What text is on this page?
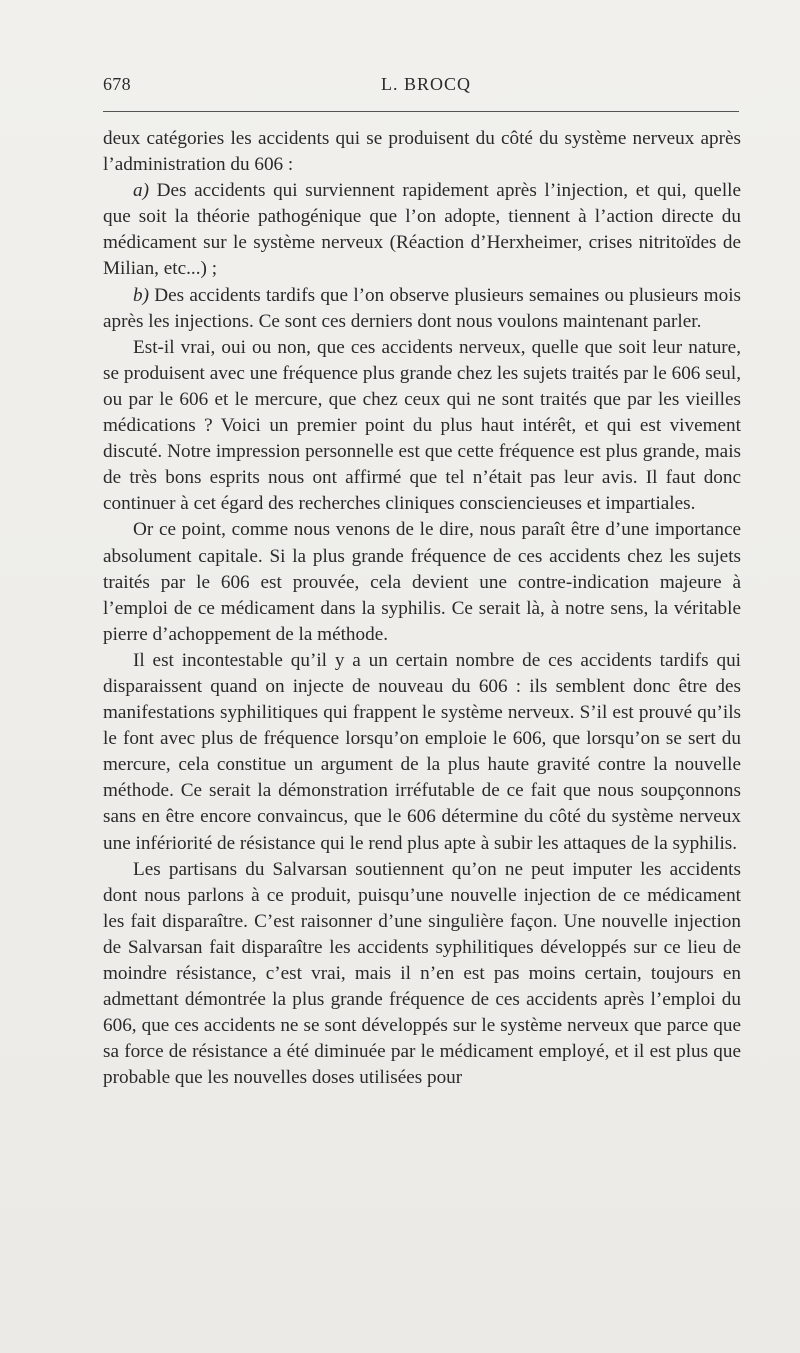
678	L. BROCQ

deux catégories les accidents qui se produisent du côté du système nerveux après l’administration du 606 :

a) Des accidents qui surviennent rapidement après l’injection, et qui, quelle que soit la théorie pathogénique que l’on adopte, tiennent à l’action directe du médicament sur le système nerveux (Réaction d’Herxheimer, crises nitritoïdes de Milian, etc...) ;

b) Des accidents tardifs que l’on observe plusieurs semaines ou plusieurs mois après les injections. Ce sont ces derniers dont nous voulons maintenant parler.

Est-il vrai, oui ou non, que ces accidents nerveux, quelle que soit leur nature, se produisent avec une fréquence plus grande chez les sujets traités par le 606 seul, ou par le 606 et le mercure, que chez ceux qui ne sont traités que par les vieilles médications ? Voici un premier point du plus haut intérêt, et qui est vivement discuté. Notre impression personnelle est que cette fréquence est plus grande, mais de très bons esprits nous ont affirmé que tel n’était pas leur avis. Il faut donc continuer à cet égard des recherches cliniques consciencieuses et impartiales.

Or ce point, comme nous venons de le dire, nous paraît être d’une importance absolument capitale. Si la plus grande fréquence de ces accidents chez les sujets traités par le 606 est prouvée, cela devient une contre-indication majeure à l’emploi de ce médicament dans la syphilis. Ce serait là, à notre sens, la véritable pierre d’achoppement de la méthode.

Il est incontestable qu’il y a un certain nombre de ces accidents tardifs qui disparaissent quand on injecte de nouveau du 606 : ils semblent donc être des manifestations syphilitiques qui frappent le système nerveux. S’il est prouvé qu’ils le font avec plus de fréquence lorsqu’on emploie le 606, que lorsqu’on se sert du mercure, cela constitue un argument de la plus haute gravité contre la nouvelle méthode. Ce serait la démonstration irréfutable de ce fait que nous soupçonnons sans en être encore convaincus, que le 606 détermine du côté du système nerveux une infériorité de résistance qui le rend plus apte à subir les attaques de la syphilis.

Les partisans du Salvarsan soutiennent qu’on ne peut imputer les accidents dont nous parlons à ce produit, puisqu’une nouvelle injection de ce médicament les fait disparaître. C’est raisonner d’une singulière façon. Une nouvelle injection de Salvarsan fait disparaître les accidents syphilitiques développés sur ce lieu de moindre résistance, c’est vrai, mais il n’en est pas moins certain, toujours en admettant démontrée la plus grande fréquence de ces accidents après l’emploi du 606, que ces accidents ne se sont développés sur le système nerveux que parce que sa force de résistance a été diminuée par le médicament employé, et il est plus que probable que les nouvelles doses utilisées pour
